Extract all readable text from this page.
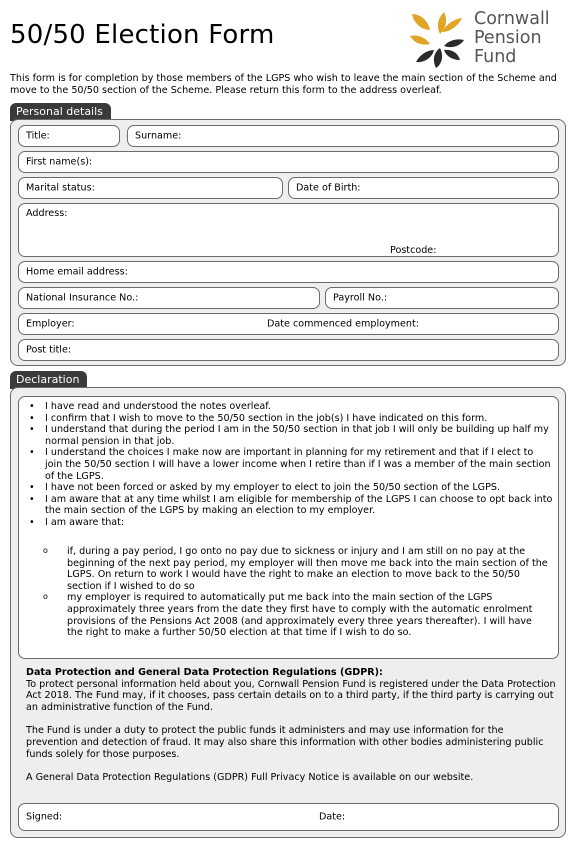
50/50 Election Form
Cornwall
Pension
Fund
This form is for completion by those members of the LGPS who wish to leave the main section of the Scheme and move to the 50/50 section of the Scheme. Please return this form to the address overleaf.
Personal details
Title:	Surname:
First name(s):
Marital status:	Date of Birth:
Address:
Postcode:
Home email address:
National Insurance No.:	Payroll No.:
Employer:	Date commenced employment:
Post title:
Declaration
• I have read and understood the notes overleaf.
• I confirm that I wish to move to the 50/50 section in the job(s) I have indicated on this form.
• I understand that during the period I am in the 50/50 section in that job I will only be building up half my normal pension in that job.
• I understand the choices I make now are important in planning for my retirement and that if I elect to join the 50/50 section I will have a lower income when I retire than if I was a member of the main section of the LGPS.
• I have not been forced or asked by my employer to elect to join the 50/50 section of the LGPS.
• I am aware that at any time whilst I am eligible for membership of the LGPS I can choose to opt back into the main section of the LGPS by making an election to my employer.
• I am aware that:
o if, during a pay period, I go onto no pay due to sickness or injury and I am still on no pay at the beginning of the next pay period, my employer will then move me back into the main section of the LGPS. On return to work I would have the right to make an election to move back to the 50/50 section if I wished to do so
o my employer is required to automatically put me back into the main section of the LGPS approximately three years from the date they first have to comply with the automatic enrolment provisions of the Pensions Act 2008 (and approximately every three years thereafter). I will have the right to make a further 50/50 election at that time if I wish to do so.

Data Protection and General Data Protection Regulations (GDPR):

To protect personal information held about you, Cornwall Pension Fund is registered under the Data Protection Act 2018. The Fund may, if it chooses, pass certain details on to a third party, if the third party is carrying out an administrative function of the Fund.

The Fund is under a duty to protect the public funds it administers and may use information for the prevention and detection of fraud. It may also share this information with other bodies administering public funds solely for those purposes.

A General Data Protection Regulations (GDPR) Full Privacy Notice is available on our website.

Signed:	Date:
